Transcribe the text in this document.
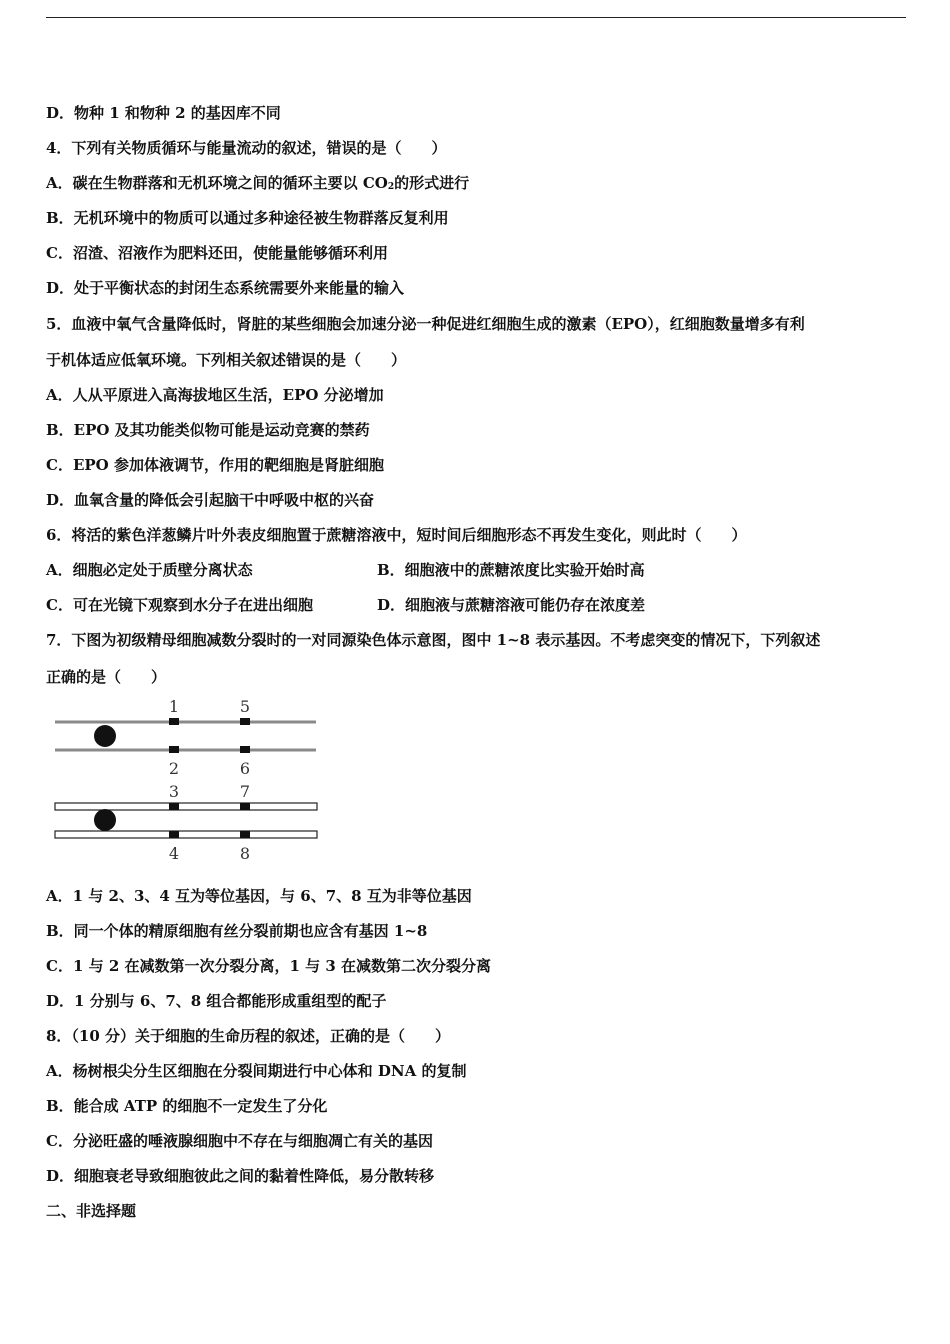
D．物种 1 和物种 2 的基因库不同
4．下列有关物质循环与能量流动的叙述，错误的是（　　）
A．碳在生物群落和无机环境之间的循环主要以 $CO_2$的形式进行
B．无机环境中的物质可以通过多种途径被生物群落反复利用
C．沼渣、沼液作为肥料还田，使能量能够循环利用
D．处于平衡状态的封闭生态系统需要外来能量的输入
5．血液中氧气含量降低时，肾脏的某些细胞会加速分泌一种促进红细胞生成的激素（EPO），红细胞数量增多有利
于机体适应低氧环境。下列相关叙述错误的是（　　）
A．人从平原进入高海拔地区生活，EPO 分泌增加
B．EPO 及其功能类似物可能是运动竞赛的禁药
C．EPO 参加体液调节，作用的靶细胞是肾脏细胞
D．血氧含量的降低会引起脑干中呼吸中枢的兴奋
6．将活的紫色洋葱鳞片叶外表皮细胞置于蔗糖溶液中，短时间后细胞形态不再发生变化，则此时（　　）
A．细胞必定处于质壁分离状态	B．细胞液中的蔗糖浓度比实验开始时高
C．可在光镜下观察到水分子在进出细胞	D．细胞液与蔗糖溶液可能仍存在浓度差
7．下图为初级精母细胞减数分裂时的一对同源染色体示意图，图中 1~8 表示基因。不考虑突变的情况下，下列叙述
正确的是（　　）
1	5
2	6
3	7
4	8
A．1 与 2、3、4 互为等位基因，与 6、7、8 互为非等位基因
B．同一个体的精原细胞有丝分裂前期也应含有基因 1~8
C．1 与 2 在减数第一次分裂分离，1 与 3 在减数第二次分裂分离
D．1 分别与 6、7、8 组合都能形成重组型的配子
8．（10 分）关于细胞的生命历程的叙述，正确的是（　　）
A．杨树根尖分生区细胞在分裂间期进行中心体和 DNA 的复制
B．能合成 ATP 的细胞不一定发生了分化
C．分泌旺盛的唾液腺细胞中不存在与细胞凋亡有关的基因
D．细胞衰老导致细胞彼此之间的黏着性降低，易分散转移
二、非选择题
